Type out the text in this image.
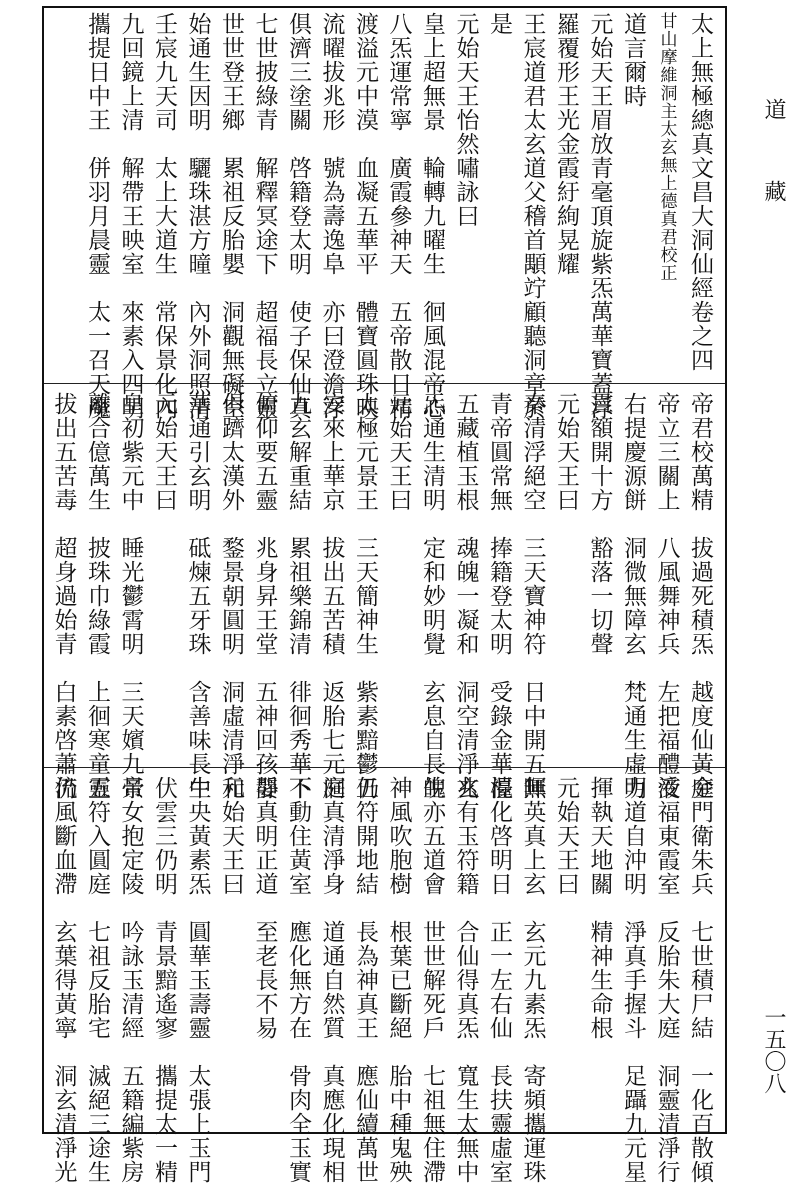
道
藏
一五〇八
太上無極總真文昌大洞仙經卷之四
甘山摩維洞主太玄無上德真君校正
道言爾時
元始天王眉放青毫頂旋紫炁萬華寶蓋浮
羅覆形王光金霞紆絢晃耀
王宸道君太玄道父稽首顒竚顧聽洞章於
是
元始天王怡然嘯詠曰
皇上超無景　輪轉九曜生　徊風混帝心
八炁運常寧　廣霞參神天　五帝散日精
渡溢元中漠　血凝五華平　體寶圓珠映
流曜拔兆形　號為壽逸阜　亦曰澄澹浮
俱濟三塗關　啓籍登太明　使子保仙真
七世披綠青　解釋冥途下　超福長立靈
世世登王鄉　累祖反胎嬰　洞觀無礙空
始通生因明　驪珠湛方曈　內外洞照清
壬宸九天司　太上大道生　常保景化內
九回鏡上清　解帶王映室　來素入四明
攜提日中王　併羽月晨靈　太一召天魔
帝君校萬精　拔過死積炁　越度仙黃庭
帝立三關上　八風舞神兵　左把福醴液
右提慶源餅　洞微無障玄　梵通生虛明
貫額開十方　豁落一切聲
元始天王曰
秦清浮絕空　三天寶神符　日中開五暉
青帝圓常無　捧籍登太明　受錄金華檯
五藏植玉根　魂魄一凝和　洞空清淨玄
炁通生清明　定和妙明覺　玄息自長生
元始天王曰
太極元景王　三天簡神生　紫素黯鬱仍
安來上華京　拔出五苦積　返胎七元庭
九玄解重結　累祖樂錦清　徘徊秀華下
俯仰要五靈　兆身昇王堂　五神回孩嬰
俱躋太漢外　鍪景朝圓明　洞虛清淨和
華通引玄明　砥煉五牙珠　含善味長生
元始天王曰
皇初紫元中　睡光鬱霄明　三天嬪九景
離合億萬生　披珠巾綠霞　上徊寒童靈
拔出五苦毒　超身過始青　白素啓蕭仍
金門衛朱兵　七世積尸結　一化百散傾
受福東霞室　反胎朱大庭　洞靈清淨行
力道自沖明　淨真手握斗　足躡九元星
揮執天地關　精神生命根
元始天王曰
無英真上玄　玄元九素炁　寄頻攜運珠
混化啓明日　正一左右仙　長扶靈虛室
兆有玉符籍　合仙得真炁　寬生太無中
魄亦五道會　世世解死戶　七祖無住滯
神風吹胞樹　根葉已斷絕　胎中種鬼殃
五符開地結　長為神真王　應仙續萬世
洞真清淨身　道通自然質　真應化現相
不動住黃室　應化無方在　骨肉全玉實
靜真明正道　至老長不易
元始天王曰
中央黃素炁　圓華玉壽靈　太張上玉門
伏雲三仍明　青景黯遙寥　攜提太一精
帝女抱定陵　吟詠玉清經　五籍編紫房
五符入圓庭　七祖反胎宅　滅絕三途生
流風斷血滯　玄葉得黃寧　洞玄清淨光
